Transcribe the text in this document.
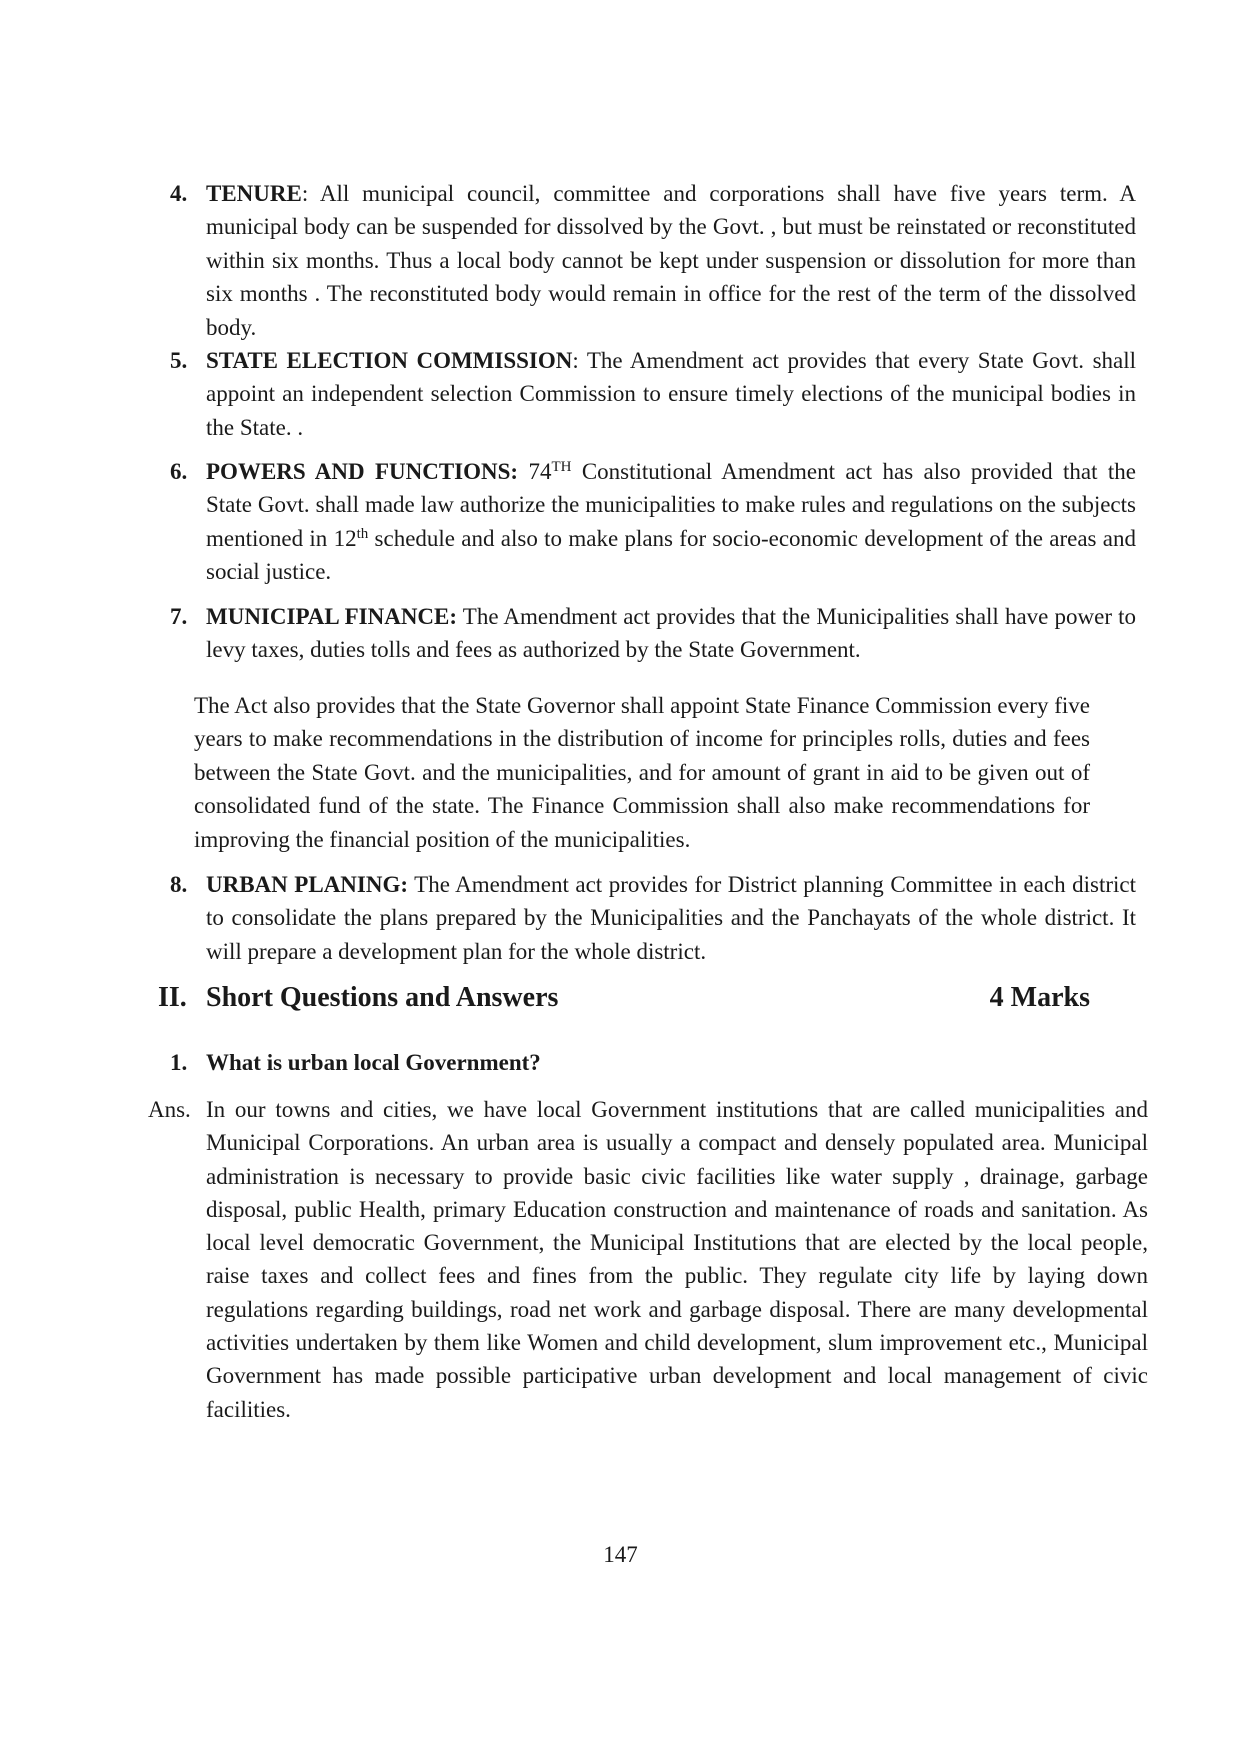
4. TENURE: All municipal council, committee and corporations shall have five years term. A municipal body can be suspended for dissolved by the Govt. , but must be reinstated or reconstituted within six months. Thus a local body cannot be kept under suspension or dissolution for more than six months . The reconstituted body would remain in office for the rest of the term of the dissolved body.
5. STATE ELECTION COMMISSION: The Amendment act provides that every State Govt. shall appoint an independent selection Commission to ensure timely elections of the municipal bodies in the State. .
6. POWERS AND FUNCTIONS: 74TH Constitutional Amendment act has also provided that the State Govt. shall made law authorize the municipalities to make rules and regulations on the subjects mentioned in 12th schedule and also to make plans for socio-economic development of the areas and social justice.
7. MUNICIPAL FINANCE: The Amendment act provides that the Municipalities shall have power to levy taxes, duties tolls and fees as authorized by the State Government.
The Act also provides that the State Governor shall appoint State Finance Commission every five years to make recommendations in the distribution of income for principles rolls, duties and fees between the State Govt. and the municipalities, and for amount of grant in aid to be given out of consolidated fund of the state. The Finance Commission shall also make recommendations for improving the financial position of the municipalities.
8. URBAN PLANING: The Amendment act provides for District planning Committee in each district to consolidate the plans prepared by the Municipalities and the Panchayats of the whole district. It will prepare a development plan for the whole district.
II. Short Questions and Answers	4 Marks
1. What is urban local Government?
Ans. In our towns and cities, we have local Government institutions that are called municipalities and Municipal Corporations. An urban area is usually a compact and densely populated area. Municipal administration is necessary to provide basic civic facilities like water supply , drainage, garbage disposal, public Health, primary Education construction and maintenance of roads and sanitation. As local level democratic Government, the Municipal Institutions that are elected by the local people, raise taxes and collect fees and fines from the public. They regulate city life by laying down regulations regarding buildings, road net work and garbage disposal. There are many developmental activities undertaken by them like Women and child development, slum improvement etc., Municipal Government has made possible participative urban development and local management of civic facilities.
147
